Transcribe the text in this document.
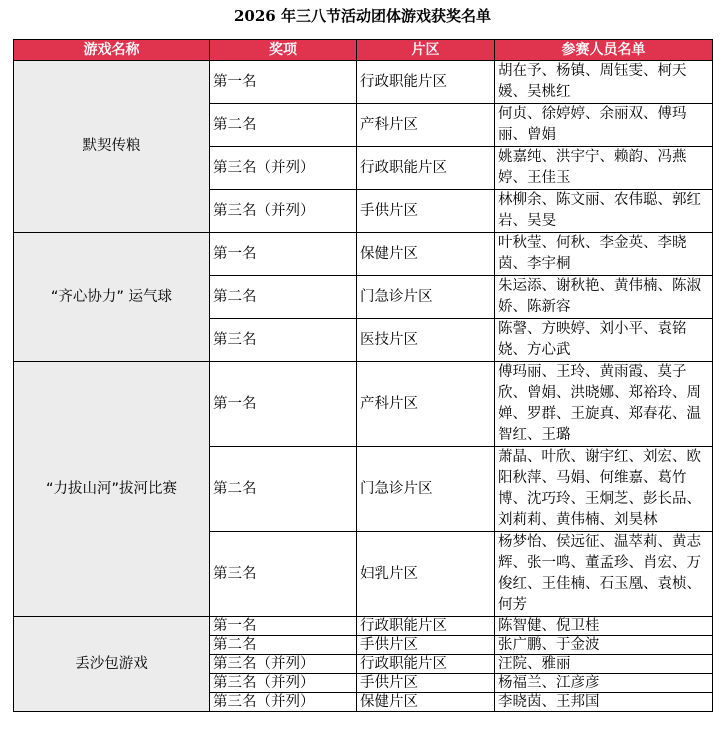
2026 年三八节活动团体游戏获奖名单
游戏名称	奖项	片区	参赛人员名单
默契传粮	第一名	行政职能片区	胡在予、杨镇、周钰雯、柯天媛、吴桃红
	第二名	产科片区	何贞、徐婷婷、余丽双、傅玛丽、曾娟
	第三名（并列）	行政职能片区	姚嘉纯、洪宇宁、赖韵、冯燕婷、王佳玉
	第三名（并列）	手供片区	林柳余、陈文丽、农伟聪、郭红岩、吴旻
“齐心协力” 运气球	第一名	保健片区	叶秋莹、何秋、李金英、李晓茵、李宇桐
	第二名	门急诊片区	朱运添、谢秋艳、黄伟楠、陈淑娇、陈新容
	第三名	医技片区	陈謦、方映婷、刘小平、袁铭娆、方心武
“力拔山河”拔河比赛	第一名	产科片区	傅玛丽、王玲、黄雨霞、莫子欣、曾娟、洪晓娜、郑裕玲、周婵、罗群、王旋真、郑春花、温智红、王璐
	第二名	门急诊片区	萧晶、叶欣、谢宇红、刘宏、欧阳秋萍、马娟、何维嘉、葛竹博、沈巧玲、王炯芝、彭长品、刘莉莉、黄伟楠、刘昊林
	第三名	妇乳片区	杨梦怡、侯远征、温萃莉、黄志辉、张一鸣、董孟珍、肖宏、万俊红、王佳楠、石玉凰、袁桢、何芳
丢沙包游戏	第一名	行政职能片区	陈智健、倪卫桂
	第二名	手供片区	张广鹏、于金波
	第三名（并列）	行政职能片区	汪院、雅丽
	第三名（并列）	手供片区	杨福兰、江彦彦
	第三名（并列）	保健片区	李晓茵、王邦国
